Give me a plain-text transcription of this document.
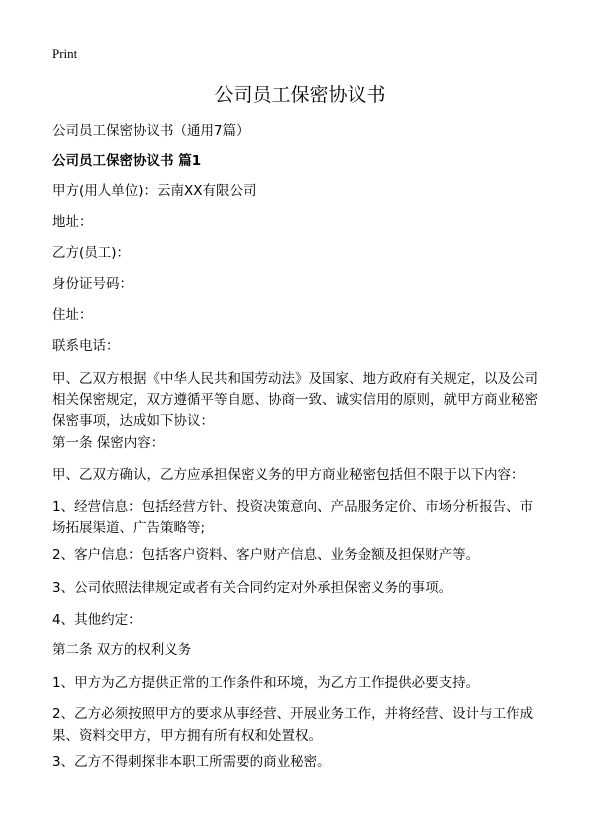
Print
公司员工保密协议书

公司员工保密协议书（通用7篇）

公司员工保密协议书 篇1

甲方(用人单位)：云南XX有限公司

地址：

乙方(员工)：

身份证号码：

住址：

联系电话：

甲、乙双方根据《中华人民共和国劳动法》及国家、地方政府有关规定，以及公司

相关保密规定，双方遵循平等自愿、协商一致、诚实信用的原则，就甲方商业秘密

保密事项，达成如下协议：

第一条 保密内容：

甲、乙双方确认，乙方应承担保密义务的甲方商业秘密包括但不限于以下内容：

1、经营信息：包括经营方针、投资决策意向、产品服务定价、市场分析报告、市

场拓展渠道、广告策略等;

2、客户信息：包括客户资料、客户财产信息、业务金额及担保财产等。

3、公司依照法律规定或者有关合同约定对外承担保密义务的事项。

4、其他约定：

第二条 双方的权利义务

1、甲方为乙方提供正常的工作条件和环境，为乙方工作提供必要支持。

2、乙方必须按照甲方的要求从事经营、开展业务工作，并将经营、设计与工作成

果、资料交甲方，甲方拥有所有权和处置权。

3、乙方不得刺探非本职工所需要的商业秘密。
